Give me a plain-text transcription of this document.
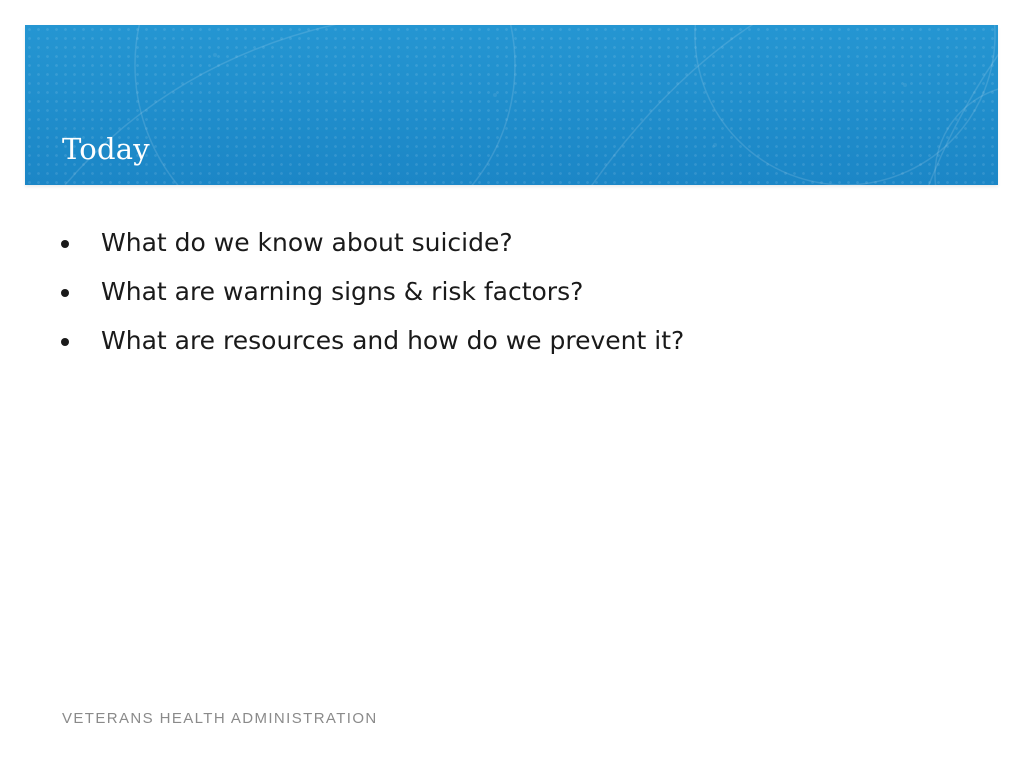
Today
What do we know about suicide?
What are warning signs & risk factors?
What are resources and how do we prevent it?
VETERANS HEALTH ADMINISTRATION
